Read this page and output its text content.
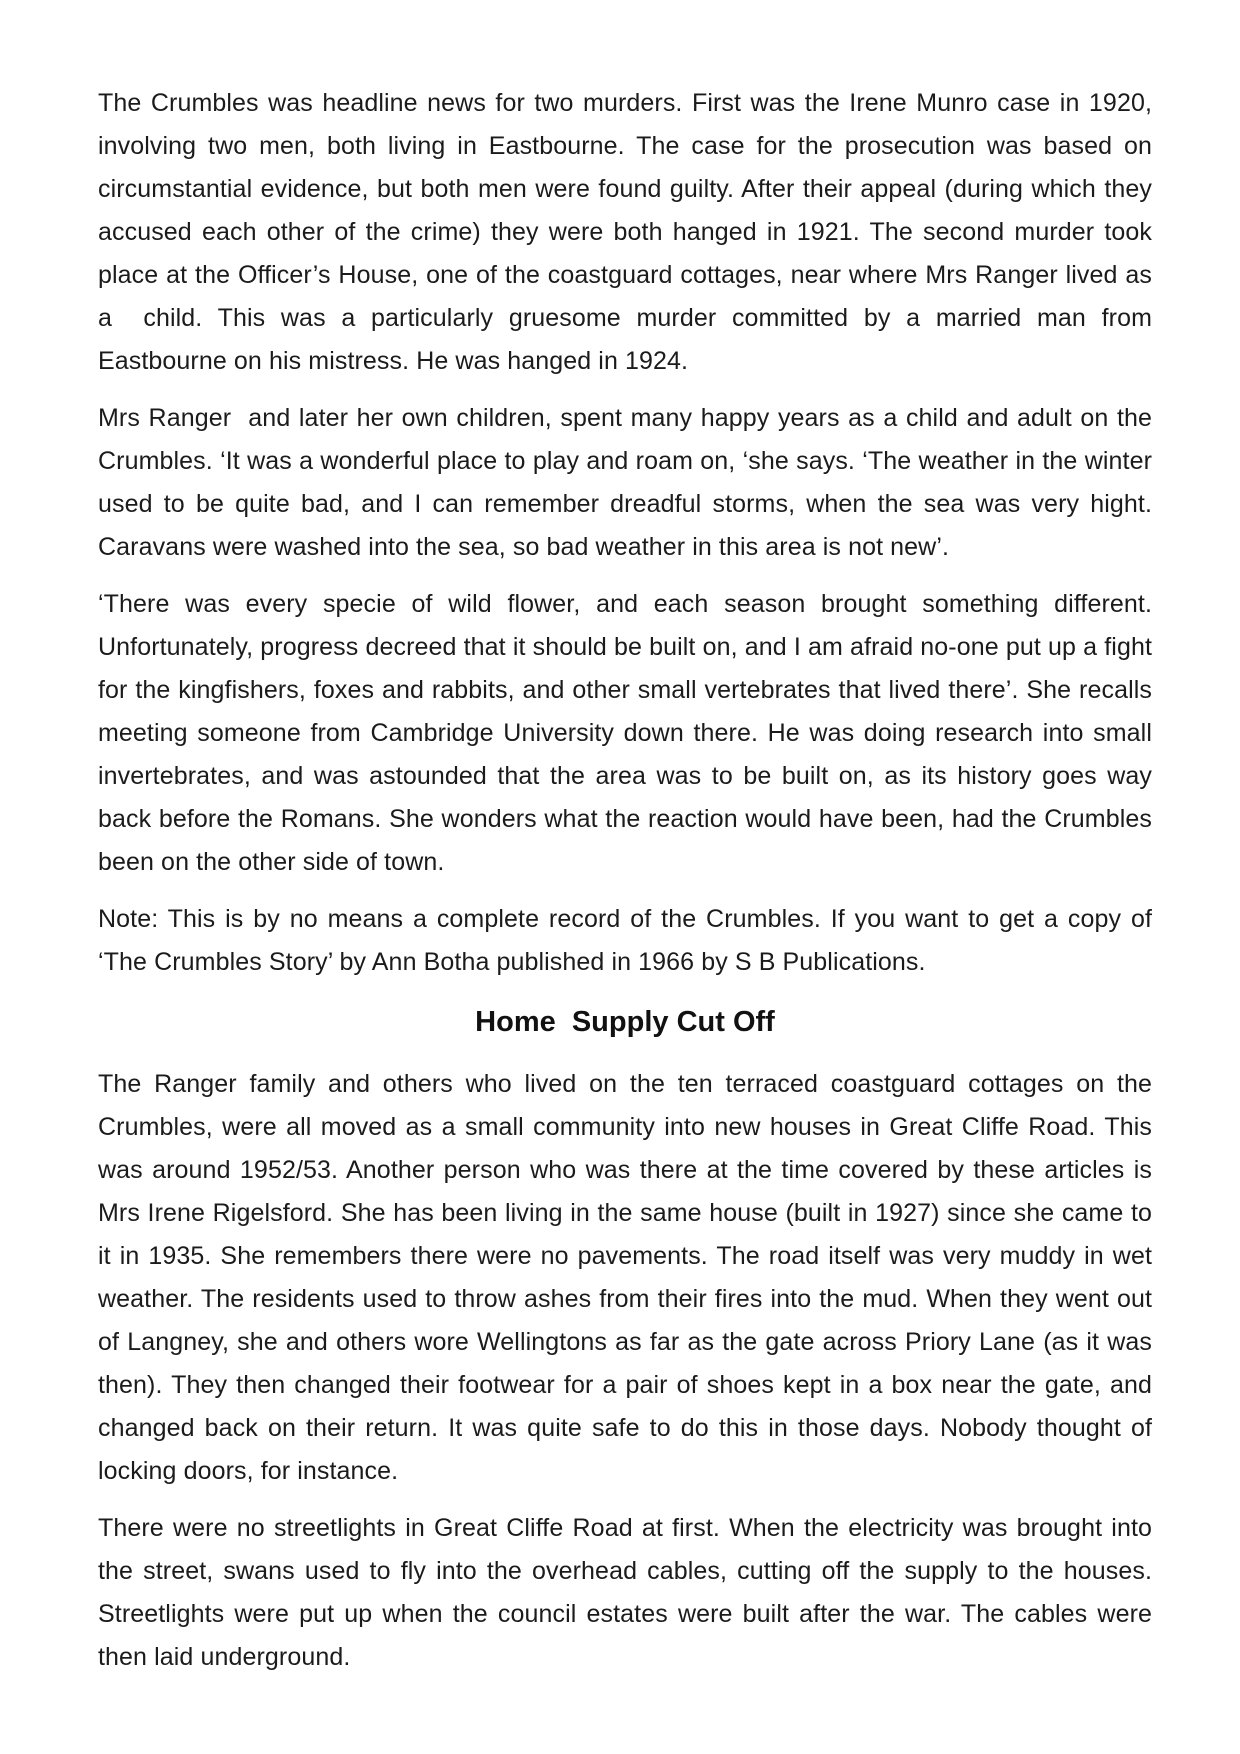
The Crumbles was headline news for two murders. First was the Irene Munro case in 1920, involving two men, both living in Eastbourne. The case for the prosecution was based on circumstantial evidence, but both men were found guilty. After their appeal (during which they accused each other of the crime) they were both hanged in 1921. The second murder took place at the Officer’s House, one of the coastguard cottages, near where Mrs Ranger lived as a  child. This was a particularly gruesome murder committed by a married man from Eastbourne on his mistress. He was hanged in 1924.

Mrs Ranger  and later her own children, spent many happy years as a child and adult on the Crumbles. ‘It was a wonderful place to play and roam on, ‘she says. ‘The weather in the winter used to be quite bad, and I can remember dreadful storms, when the sea was very hight. Caravans were washed into the sea, so bad weather in this area is not new’.

‘There was every specie of wild flower, and each season brought something different. Unfortunately, progress decreed that it should be built on, and I am afraid no-one put up a fight for the kingfishers, foxes and rabbits, and other small vertebrates that lived there’. She recalls meeting someone from Cambridge University down there. He was doing research into small invertebrates, and was astounded that the area was to be built on, as its history goes way back before the Romans. She wonders what the reaction would have been, had the Crumbles been on the other side of town.

Note: This is by no means a complete record of the Crumbles. If you want to get a copy of ‘The Crumbles Story’ by Ann Botha published in 1966 by S B Publications.

Home  Supply Cut Off

The Ranger family and others who lived on the ten terraced coastguard cottages on the Crumbles, were all moved as a small community into new houses in Great Cliffe Road. This was around 1952/53. Another person who was there at the time covered by these articles is Mrs Irene Rigelsford. She has been living in the same house (built in 1927) since she came to it in 1935. She remembers there were no pavements. The road itself was very muddy in wet weather. The residents used to throw ashes from their fires into the mud. When they went out of Langney, she and others wore Wellingtons as far as the gate across Priory Lane (as it was then). They then changed their footwear for a pair of shoes kept in a box near the gate, and changed back on their return. It was quite safe to do this in those days. Nobody thought of locking doors, for instance.

There were no streetlights in Great Cliffe Road at first. When the electricity was brought into the street, swans used to fly into the overhead cables, cutting off the supply to the houses. Streetlights were put up when the council estates were built after the war. The cables were then laid underground.
